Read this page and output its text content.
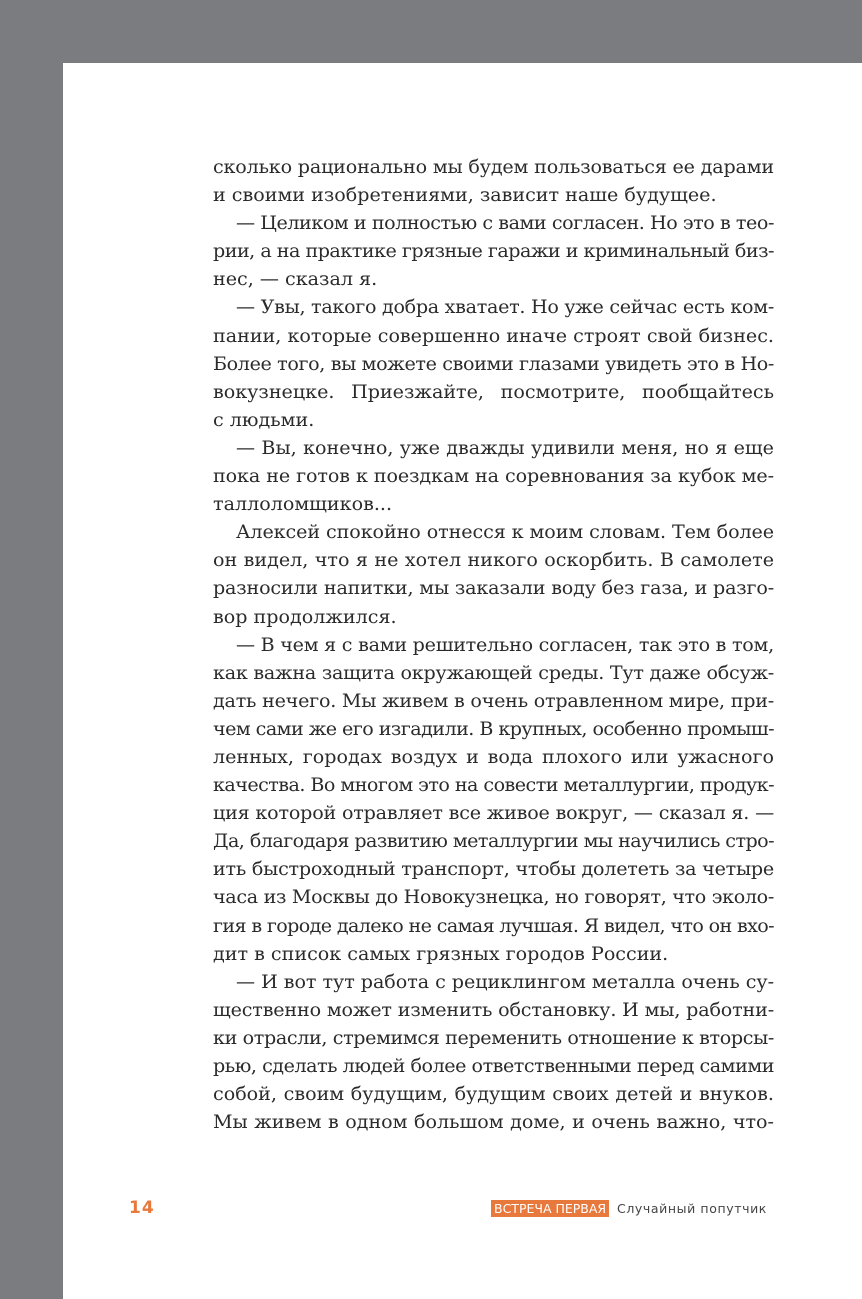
сколько рационально мы будем пользоваться ее дарами
и своими изобретениями, зависит наше будущее.
— Целиком и полностью с вами согласен. Но это в тео-
рии, а на практике грязные гаражи и криминальный биз-
нес, — сказал я.
— Увы, такого добра хватает. Но уже сейчас есть ком-
пании, которые совершенно иначе строят свой бизнес.
Более того, вы можете своими глазами увидеть это в Но-
вокузнецке. Приезжайте, посмотрите, пообщайтесь
с людьми.
— Вы, конечно, уже дважды удивили меня, но я еще
пока не готов к поездкам на соревнования за кубок ме-
таллоломщиков...
Алексей спокойно отнесся к моим словам. Тем более
он видел, что я не хотел никого оскорбить. В самолете
разносили напитки, мы заказали воду без газа, и разго-
вор продолжился.
— В чем я с вами решительно согласен, так это в том,
как важна защита окружающей среды. Тут даже обсуж-
дать нечего. Мы живем в очень отравленном мире, при-
чем сами же его изгадили. В крупных, особенно промыш-
ленных, городах воздух и вода плохого или ужасного
качества. Во многом это на совести металлургии, продук-
ция которой отравляет все живое вокруг, — сказал я. —
Да, благодаря развитию металлургии мы научились стро-
ить быстроходный транспорт, чтобы долететь за четыре
часа из Москвы до Новокузнецка, но говорят, что эколо-
гия в городе далеко не самая лучшая. Я видел, что он вхо-
дит в список самых грязных городов России.
— И вот тут работа с рециклингом металла очень су-
щественно может изменить обстановку. И мы, работни-
ки отрасли, стремимся переменить отношение к вторсы-
рью, сделать людей более ответственными перед самими
собой, своим будущим, будущим своих детей и внуков.
Мы живем в одном большом доме, и очень важно, что-
14	ВСТРЕЧА ПЕРВАЯ Случайный попутчик
